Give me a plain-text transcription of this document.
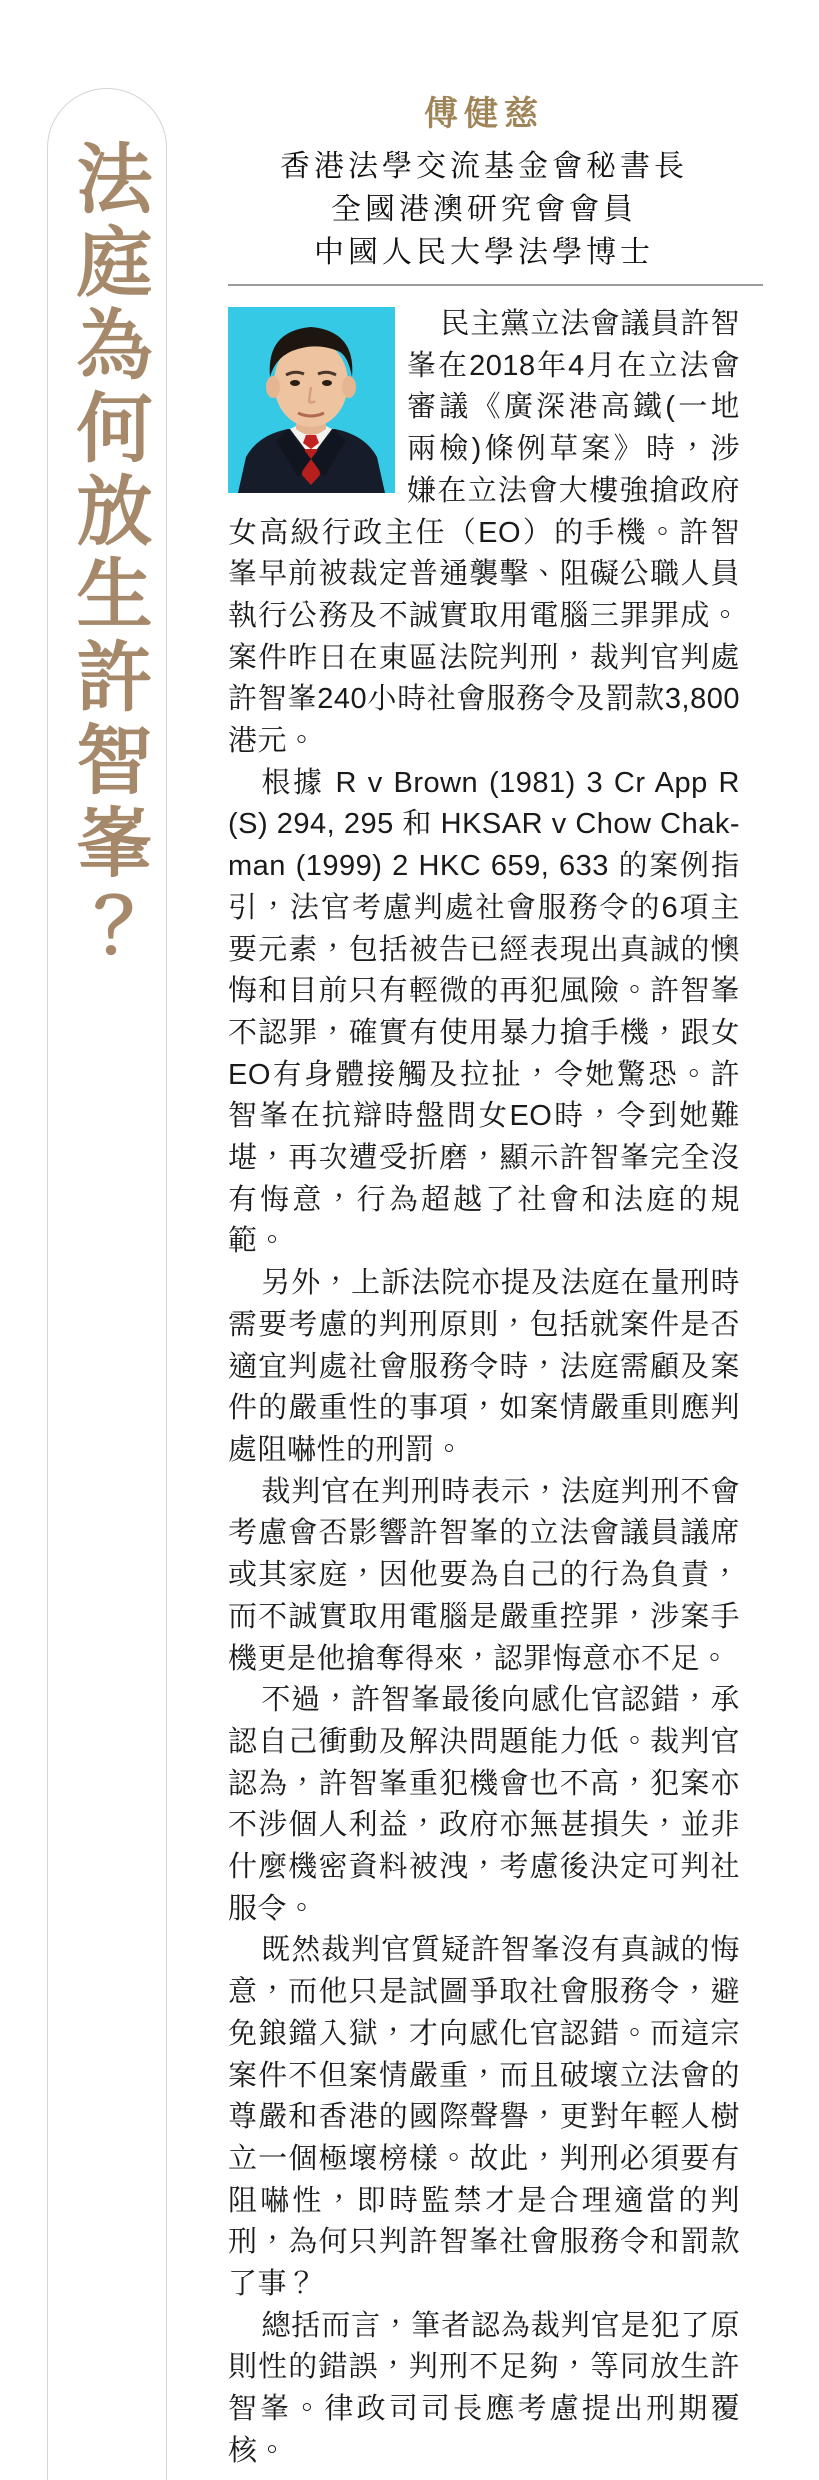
法庭為何放生許智峯？
傅健慈
香港法學交流基金會秘書長
全國港澳研究會會員
中國人民大學法學博士

民主黨立法會議員許智峯在2018年4月在立法會審議《廣深港高鐵(一地兩檢)條例草案》時，涉嫌在立法會大樓強搶政府女高級行政主任（EO）的手機。許智峯早前被裁定普通襲擊、阻礙公職人員執行公務及不誠實取用電腦三罪罪成。案件昨日在東區法院判刑，裁判官判處許智峯240小時社會服務令及罰款3,800港元。

根據 R v Brown (1981) 3 Cr App R (S) 294, 295 和 HKSAR v Chow Chak-man (1999) 2 HKC 659, 633 的案例指引，法官考慮判處社會服務令的6項主要元素，包括被告已經表現出真誠的懊悔和目前只有輕微的再犯風險。許智峯不認罪，確實有使用暴力搶手機，跟女EO有身體接觸及拉扯，令她驚恐。許智峯在抗辯時盤問女EO時，令到她難堪，再次遭受折磨，顯示許智峯完全沒有悔意，行為超越了社會和法庭的規範。

另外，上訴法院亦提及法庭在量刑時需要考慮的判刑原則，包括就案件是否適宜判處社會服務令時，法庭需顧及案件的嚴重性的事項，如案情嚴重則應判處阻嚇性的刑罰。

裁判官在判刑時表示，法庭判刑不會考慮會否影響許智峯的立法會議員議席或其家庭，因他要為自己的行為負責，而不誠實取用電腦是嚴重控罪，涉案手機更是他搶奪得來，認罪悔意亦不足。

不過，許智峯最後向感化官認錯，承認自己衝動及解決問題能力低。裁判官認為，許智峯重犯機會也不高，犯案亦不涉個人利益，政府亦無甚損失，並非什麼機密資料被洩，考慮後決定可判社服令。

既然裁判官質疑許智峯沒有真誠的悔意，而他只是試圖爭取社會服務令，避免鋃鐺入獄，才向感化官認錯。而這宗案件不但案情嚴重，而且破壞立法會的尊嚴和香港的國際聲譽，更對年輕人樹立一個極壞榜樣。故此，判刑必須要有阻嚇性，即時監禁才是合理適當的判刑，為何只判許智峯社會服務令和罰款了事？

總括而言，筆者認為裁判官是犯了原則性的錯誤，判刑不足夠，等同放生許智峯。律政司司長應考慮提出刑期覆核。
